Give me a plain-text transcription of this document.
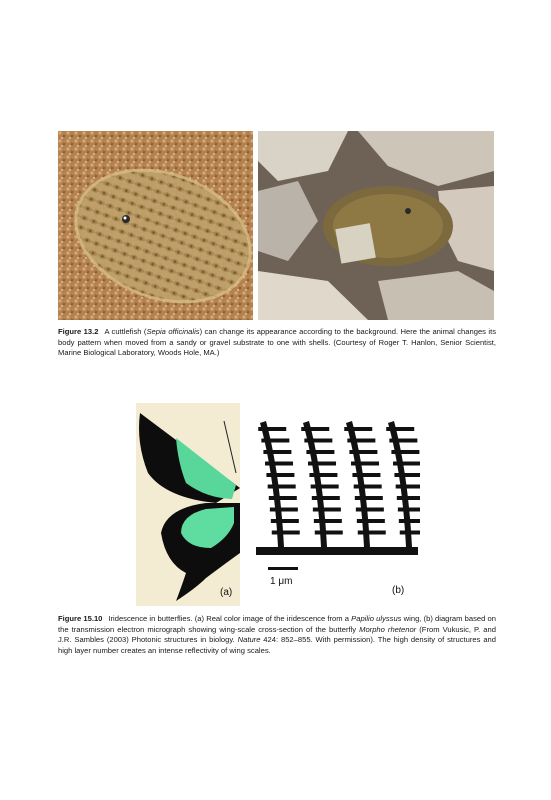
Figure 13.2 A cuttlefish (Sepia officinalis) can change its appearance according to the background. Here the animal changes its body pattern when moved from a sandy or gravel substrate to one with shells. (Courtesy of Roger T. Hanlon, Senior Scientist, Marine Biological Laboratory, Woods Hole, MA.)
(a)
1 μm
(b)
Figure 15.10 Iridescence in butterflies. (a) Real color image of the iridescence from a Papilio ulyssus wing, (b) diagram based on the transmission electron micrograph showing wing-scale cross-section of the butterfly Morpho rhetenor (From Vukusic, P. and J.R. Sambles (2003) Photonic structures in biology. Nature 424: 852–855. With permission). The high density of structures and high layer number creates an intense reflectivity of wing scales.
